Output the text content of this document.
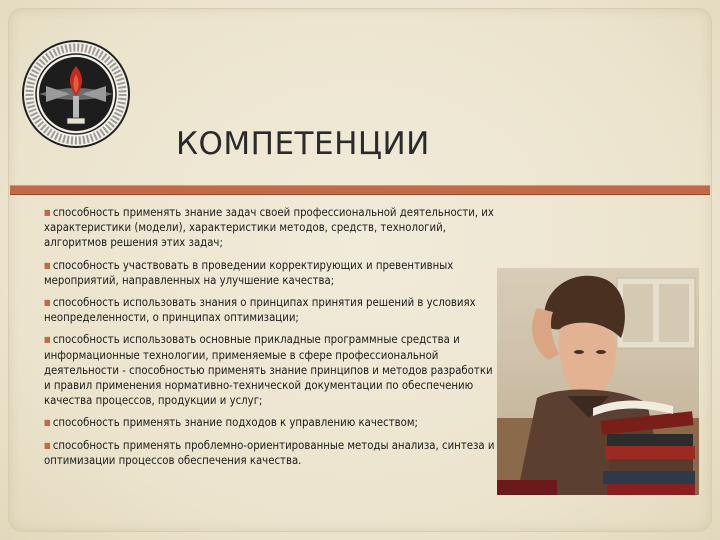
КОМПЕТЕНЦИИ
■ способность применять знание задач своей профессиональной деятельности, их характеристики (модели), характеристики методов, средств, технологий, алгоритмов решения этих задач;
■ способность участвовать в проведении корректирующих и превентивных мероприятий, направленных на улучшение качества;
■ способность использовать знания о принципах принятия решений в условиях неопределенности, о принципах оптимизации;
■ способность использовать основные прикладные программные средства и информационные технологии, применяемые в сфере профессиональной деятельности - способностью применять знание принципов и методов разработки и правил применения нормативно-технической документации по обеспечению качества процессов, продукции и услуг;
■ способность применять знание подходов к управлению качеством;
■ способность применять проблемно-ориентированные методы анализа, синтеза и оптимизации процессов обеспечения качества.
